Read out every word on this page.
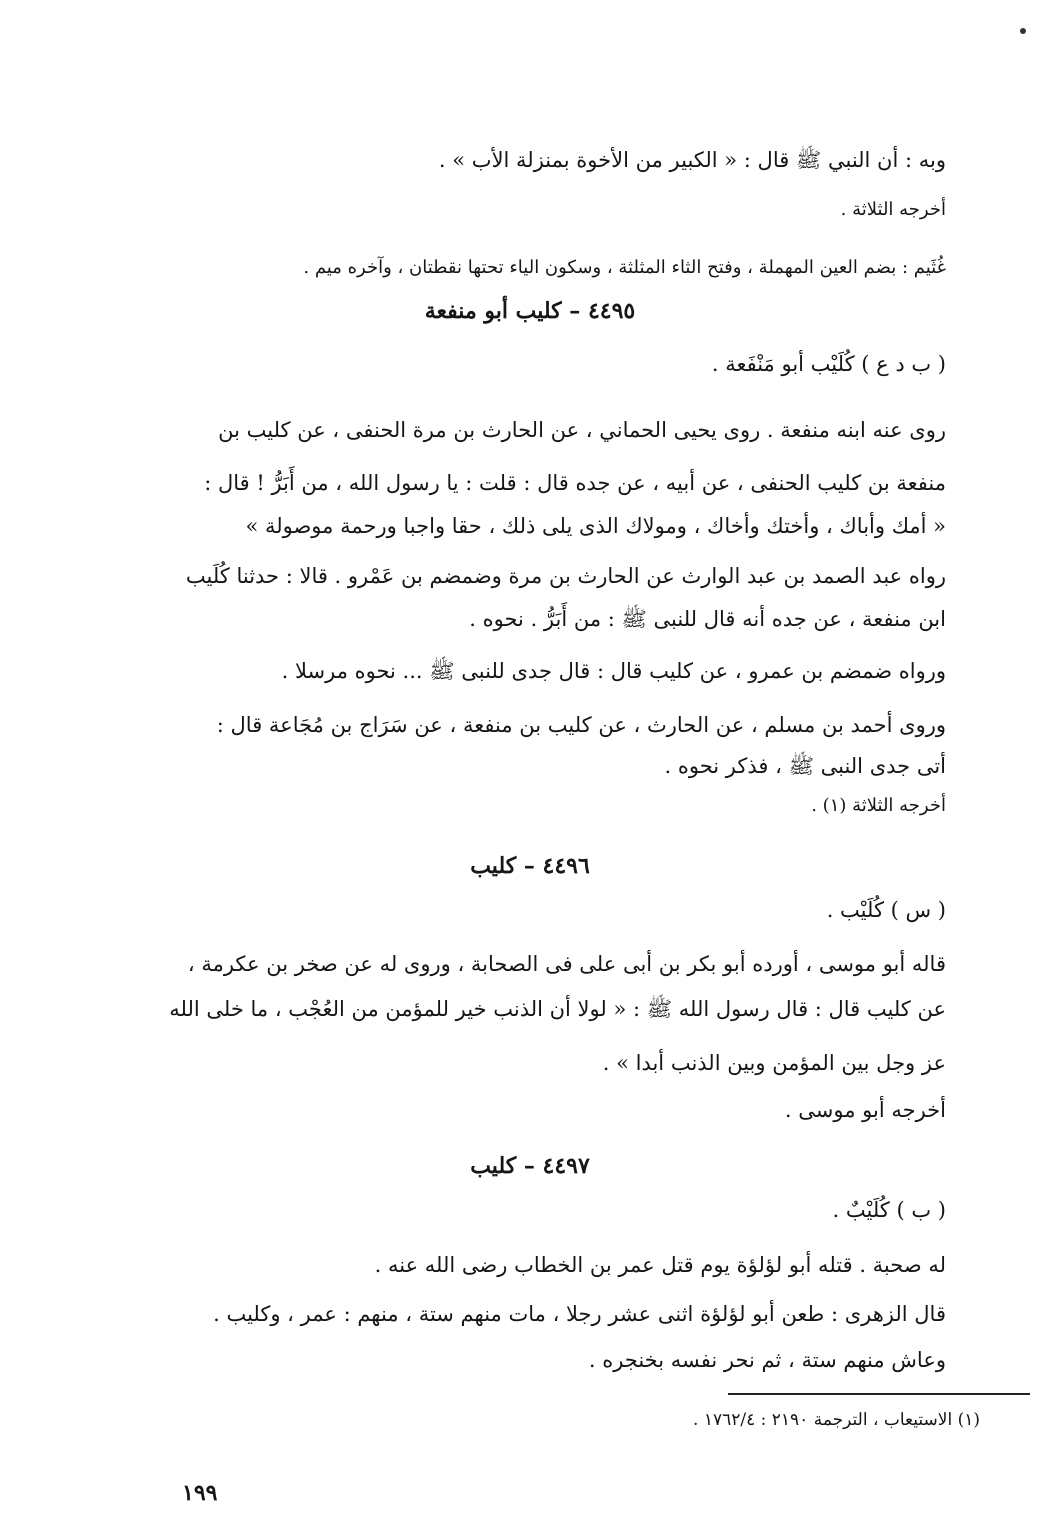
وبه : أن النبي ﷺ قال : « الكبير من الأخوة بمنزلة الأب » .
أخرجه الثلاثة .
غُثَيم : بضم العين المهملة ، وفتح الثاء المثلثة ، وسكون الياء تحتها نقطتان ، وآخره ميم .
٤٤٩٥ – كليب أبو منفعة
( ب د ع ) كُلَيْب أبو مَنْفَعة .
روى عنه ابنه منفعة . روى يحيى الحماني ، عن الحارث بن مرة الحنفى ، عن كليب بن
منفعة بن كليب الحنفى ، عن أبيه ، عن جده قال : قلت : يا رسول الله ، من أَبَرُّ ! قال :
« أمك وأباك ، وأختك وأخاك ، ومولاك الذى يلى ذلك ، حقا واجبا ورحمة موصولة »
رواه عبد الصمد بن عبد الوارث عن الحارث بن مرة وضمضم بن عَمْرو . قالا : حدثنا كُلَيب
ابن منفعة ، عن جده أنه قال للنبى ﷺ : من أَبَرُّ . نحوه .
ورواه ضمضم بن عمرو ، عن كليب قال : قال جدى للنبى ﷺ ... نحوه مرسلا .
وروى أحمد بن مسلم ، عن الحارث ، عن كليب بن منفعة ، عن سَرَاج بن مُجَاعة قال :
أتى جدى النبى ﷺ ، فذكر نحوه .
أخرجه الثلاثة (١) .
٤٤٩٦ – كليب
( س ) كُلَيْب .
قاله أبو موسى ، أورده أبو بكر بن أبى على فى الصحابة ، وروى له عن صخر بن عكرمة ،
عن كليب قال : قال رسول الله ﷺ : « لولا أن الذنب خير للمؤمن من العُجْب ، ما خلى الله
عز وجل بين المؤمن وبين الذنب أبدا » .
أخرجه أبو موسى .
٤٤٩٧ – كليب
( ب ) كُلَيْبٌ .
له صحبة . قتله أبو لؤلؤة يوم قتل عمر بن الخطاب رضى الله عنه .
قال الزهرى : طعن أبو لؤلؤة اثنى عشر رجلا ، مات منهم ستة ، منهم : عمر ، وكليب .
وعاش منهم ستة ، ثم نحر نفسه بخنجره .
(١) الاستيعاب ، الترجمة ٢١٩٠ : ١٧٦٢/٤ .
١٩٩
